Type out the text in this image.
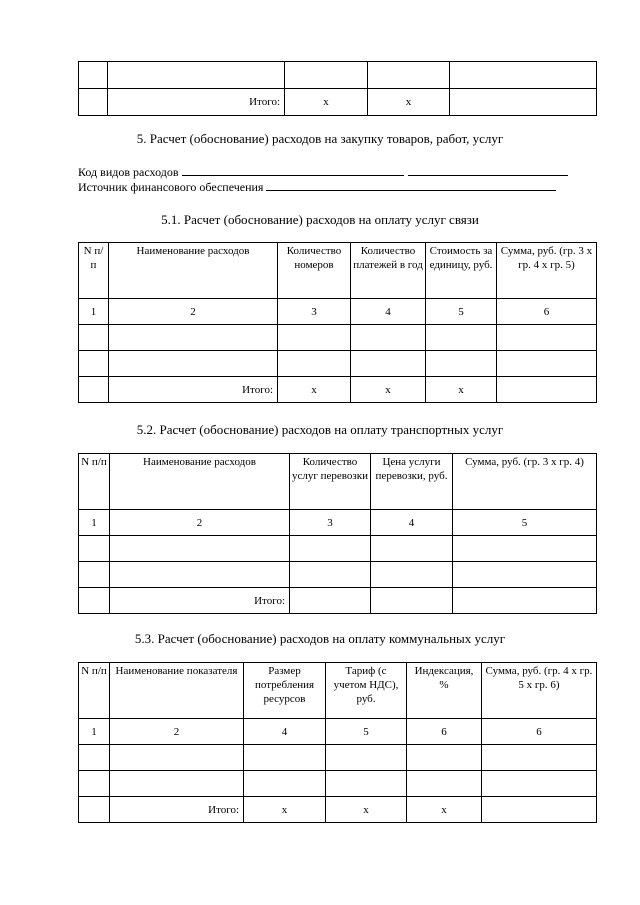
	Итого:	x	x	
5. Расчет (обоснование) расходов на закупку товаров, работ, услуг
Код видов расходов
Источник финансового обеспечения
5.1. Расчет (обоснование) расходов на оплату услуг связи
N п/п	Наименование расходов	Количество номеров	Количество платежей в год	Стоимость за единицу, руб.	Сумма, руб. (гр. 3 x гр. 4 x гр. 5)
1	2	3	4	5	6

	Итого:	x	x	x	
5.2. Расчет (обоснование) расходов на оплату транспортных услуг
N п/п	Наименование расходов	Количество услуг перевозки	Цена услуги перевозки, руб.	Сумма, руб. (гр. 3 x гр. 4)
1	2	3	4	5

	Итого:			
5.3. Расчет (обоснование) расходов на оплату коммунальных услуг
N п/п	Наименование показателя	Размер потребления ресурсов	Тариф (с учетом НДС), руб.	Индексация, %	Сумма, руб. (гр. 4 x гр. 5 x гр. 6)
1	2	4	5	6	6

	Итого:	x	x	x	
